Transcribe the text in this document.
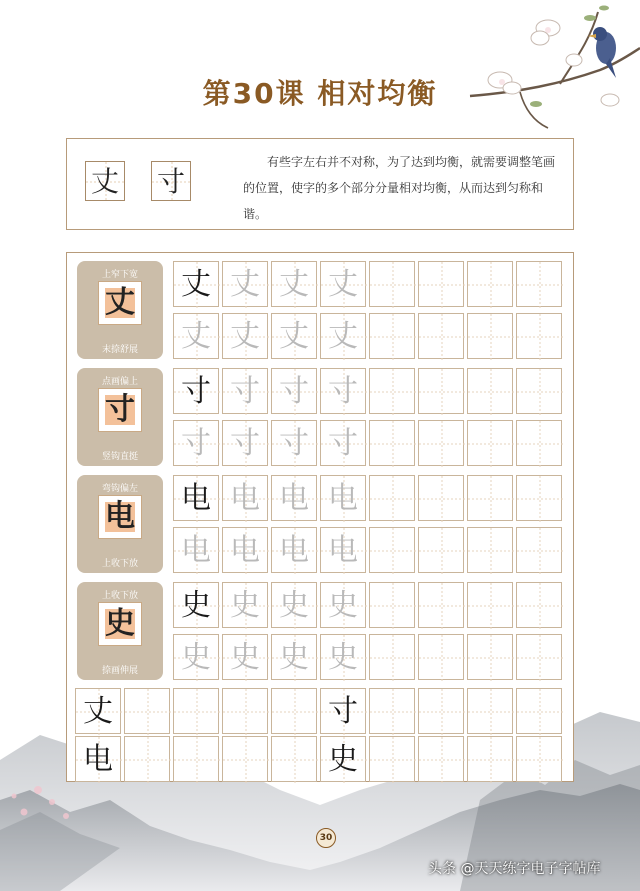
第30课 相对均衡
丈 寸
有些字左右并不对称，为了达到均衡，就需要调整笔画的位置，使字的多个部分分量相对均衡，从而达到匀称和谐。
上窄下宽
丈
末捺舒展
丈 丈 丈 丈
丈 丈 丈 丈
点画偏上
寸
竖钩直挺
寸 寸 寸 寸
寸 寸 寸 寸
弯钩偏左
电
上收下放
电 电 电 电
电 电 电 电
上收下放
史
捺画伸展
史 史 史 史
史 史 史 史
丈	寸
电	史
30
头条 @天天练字电子字帖库
